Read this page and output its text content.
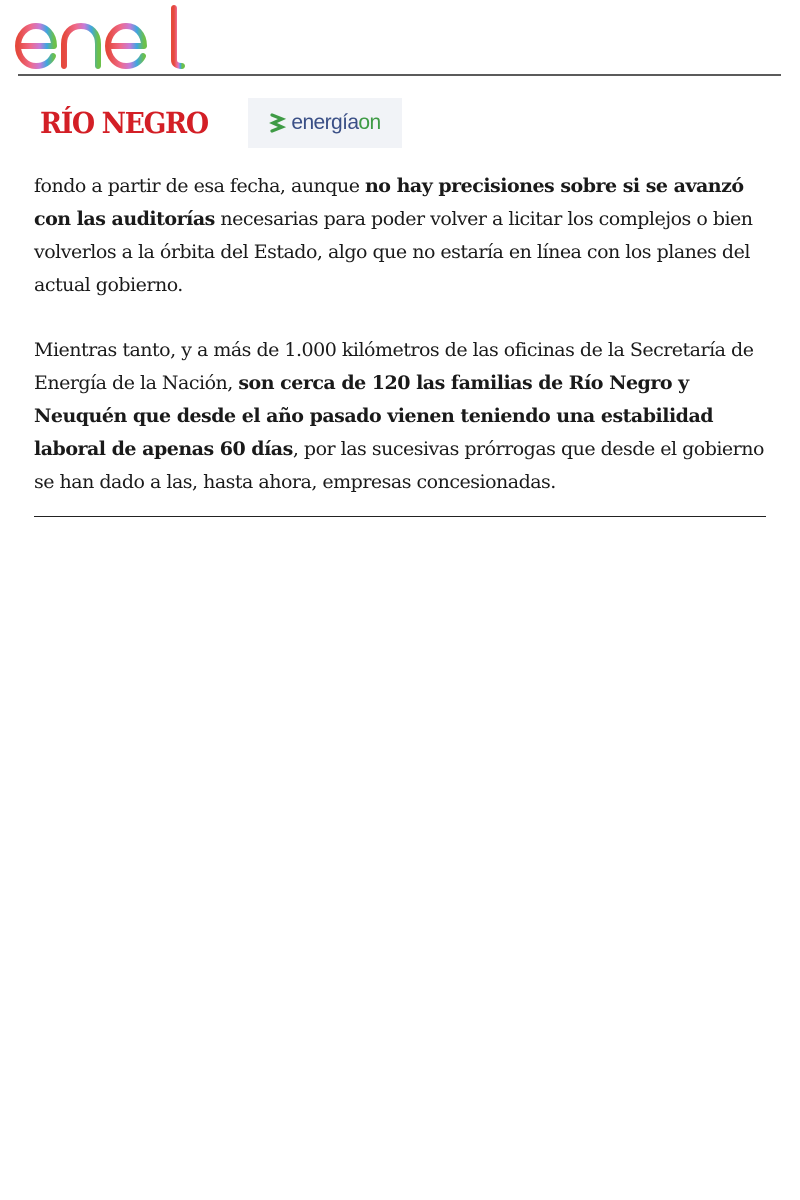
RÍO NEGRO	energíaon

fondo a partir de esa fecha, aunque no hay precisiones sobre si se avanzó con las auditorías necesarias para poder volver a licitar los complejos o bien volverlos a la órbita del Estado, algo que no estaría en línea con los planes del actual gobierno.

Mientras tanto, y a más de 1.000 kilómetros de las oficinas de la Secretaría de Energía de la Nación, son cerca de 120 las familias de Río Negro y Neuquén que desde el año pasado vienen teniendo una estabilidad laboral de apenas 60 días, por las sucesivas prórrogas que desde el gobierno se han dado a las, hasta ahora, empresas concesionadas.
